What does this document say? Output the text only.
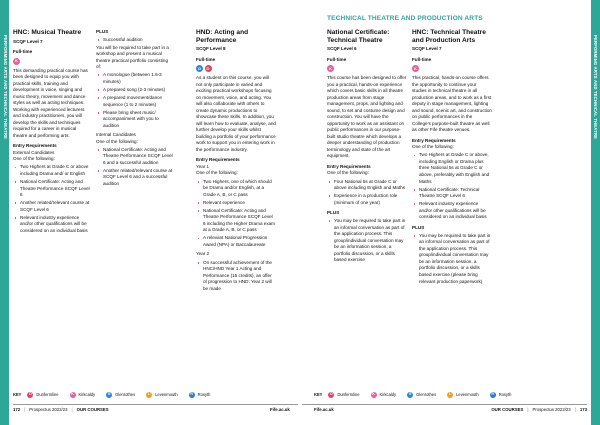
PERFORMING ARTS AND TECHNICAL THEATRE	PERFORMING ARTS AND TECHNICAL THEATRE
TECHNICAL THEATRE AND PRODUCTION ARTS
HNC: Musical Theatre
SCQF Level 7
Full-time
K

This demanding practical course has been designed to equip you with practical skills, training and development in voice, singing and music theory, movement and dance styles as well as acting techniques. Working with experienced lecturers and industry practitioners, you will develop the skills and techniques required for a career in musical theatre and performing arts.

Entry Requirements
External Candidates
One of the following:
Two Highers at Grade C or above including Drama and/ or English
National Certificate: Acting and Theatre Performance SCQF Level 6
Another related/relevant course at SCQF Level 6
Relevant industry experience and/or other qualifications will be considered on an individual basis
PLUS
Successful audition

You will be required to take part in a workshop and present a musical theatre practical portfolio consisting of:

A monologue (between 1.5-3 minutes)
A prepared song (2-3 minutes)
A prepared movement/dance sequence (1 to 2 minutes)
Please bring sheet music/ accompaniment with you to audition
Internal Candidates
One of the following:
National Certificate: Acting and Theatre Performance SCQF Level 6 and a successful audition
Another related/relevant course at SCQF Level 6 and a successful audition
HND: Acting and Performance
SCQF Level 8
Full-time
G	D

As a student on this course, you will not only participate in varied and exciting practical workshops focusing on movement, voice, and acting. You will also collaborate with others to create dynamic productions to showcase these skills. In addition, you will learn how to evaluate, analyse, and further develop your skills whilst building a portfolio of your performance work to support you in entering work in the performance industry.

Entry Requirements
Year 1
One of the following:
Two Highers, one of which should be Drama and/or English, at a Grade A, B, or C pass
Relevant experience
National Certificate: Acting and Theatre Performance SCQF Level 6 including the Higher Drama exam at a Grade A, B, or C pass
A relevant National Progression Award (NPA) or Baccalaureate
Year 2
On successful achievement of the HNC/HND Year 1 Acting and Performance (15 credits), an offer of progression to HND: Year 2 will be made
National Certificate: Technical Theatre
SCQF Level 6
Full-time
K

This course has been designed to offer you a practical, hands-on experience which covers basic skills in all theatre production areas from stage management, props, and lighting and sound, to set and costume design and construction. You will have the opportunity to work as an assistant on public performances in our purpose-built studio theatre which develops a deeper understanding of production terminology and state of the art equipment.

Entry Requirements
One of the following:
Four National 5s at Grade C or above including English and Maths
Experience in a production role (minimum of one year)
PLUS
You may be required to take part in an informal conversation as part of the application process. This group/individual conversation may be an information session, a portfolio discussion, or a skills based exercise
HNC: Technical Theatre and Production Arts
SCQF Level 7
Full-time
K

This practical, hands-on course offers the opportunity to continue your studies in technical theatre in all production areas, and to work as a first deputy in stage management, lighting and sound, scenic art, and construction on public performances in the College's purpose-built theatre as well as other Fife theatre venues.

Entry Requirements
One of the following:
Two Highers at Grade C or above, including English or Drama plus three National 5s at Grade C or above, preferably with English and Maths
National Certificate: Technical Theatre SCQF Level 6
Relevant industry experience and/or other qualifications will be considered on an individual basis
PLUS
You may be required to take part in an informal conversation as part of the application process. This group/individual conversation may be an information session, a portfolio discussion, or a skills based exercise (please bring relevant production paperwork)
KEY	D	Dunfermline	K	Kirkcaldy	G	Glenrothes	L	Levenmouth	R	Rosyth	KEY	D	Dunfermline	K	Kirkcaldy	G	Glenrothes	L	Levenmouth	R	Rosyth
172 | Prospectus 2022/23 | OUR COURSES	Fife.ac.uk	Fife.ac.uk	OUR COURSES | Prospectus 2022/23 | 173
